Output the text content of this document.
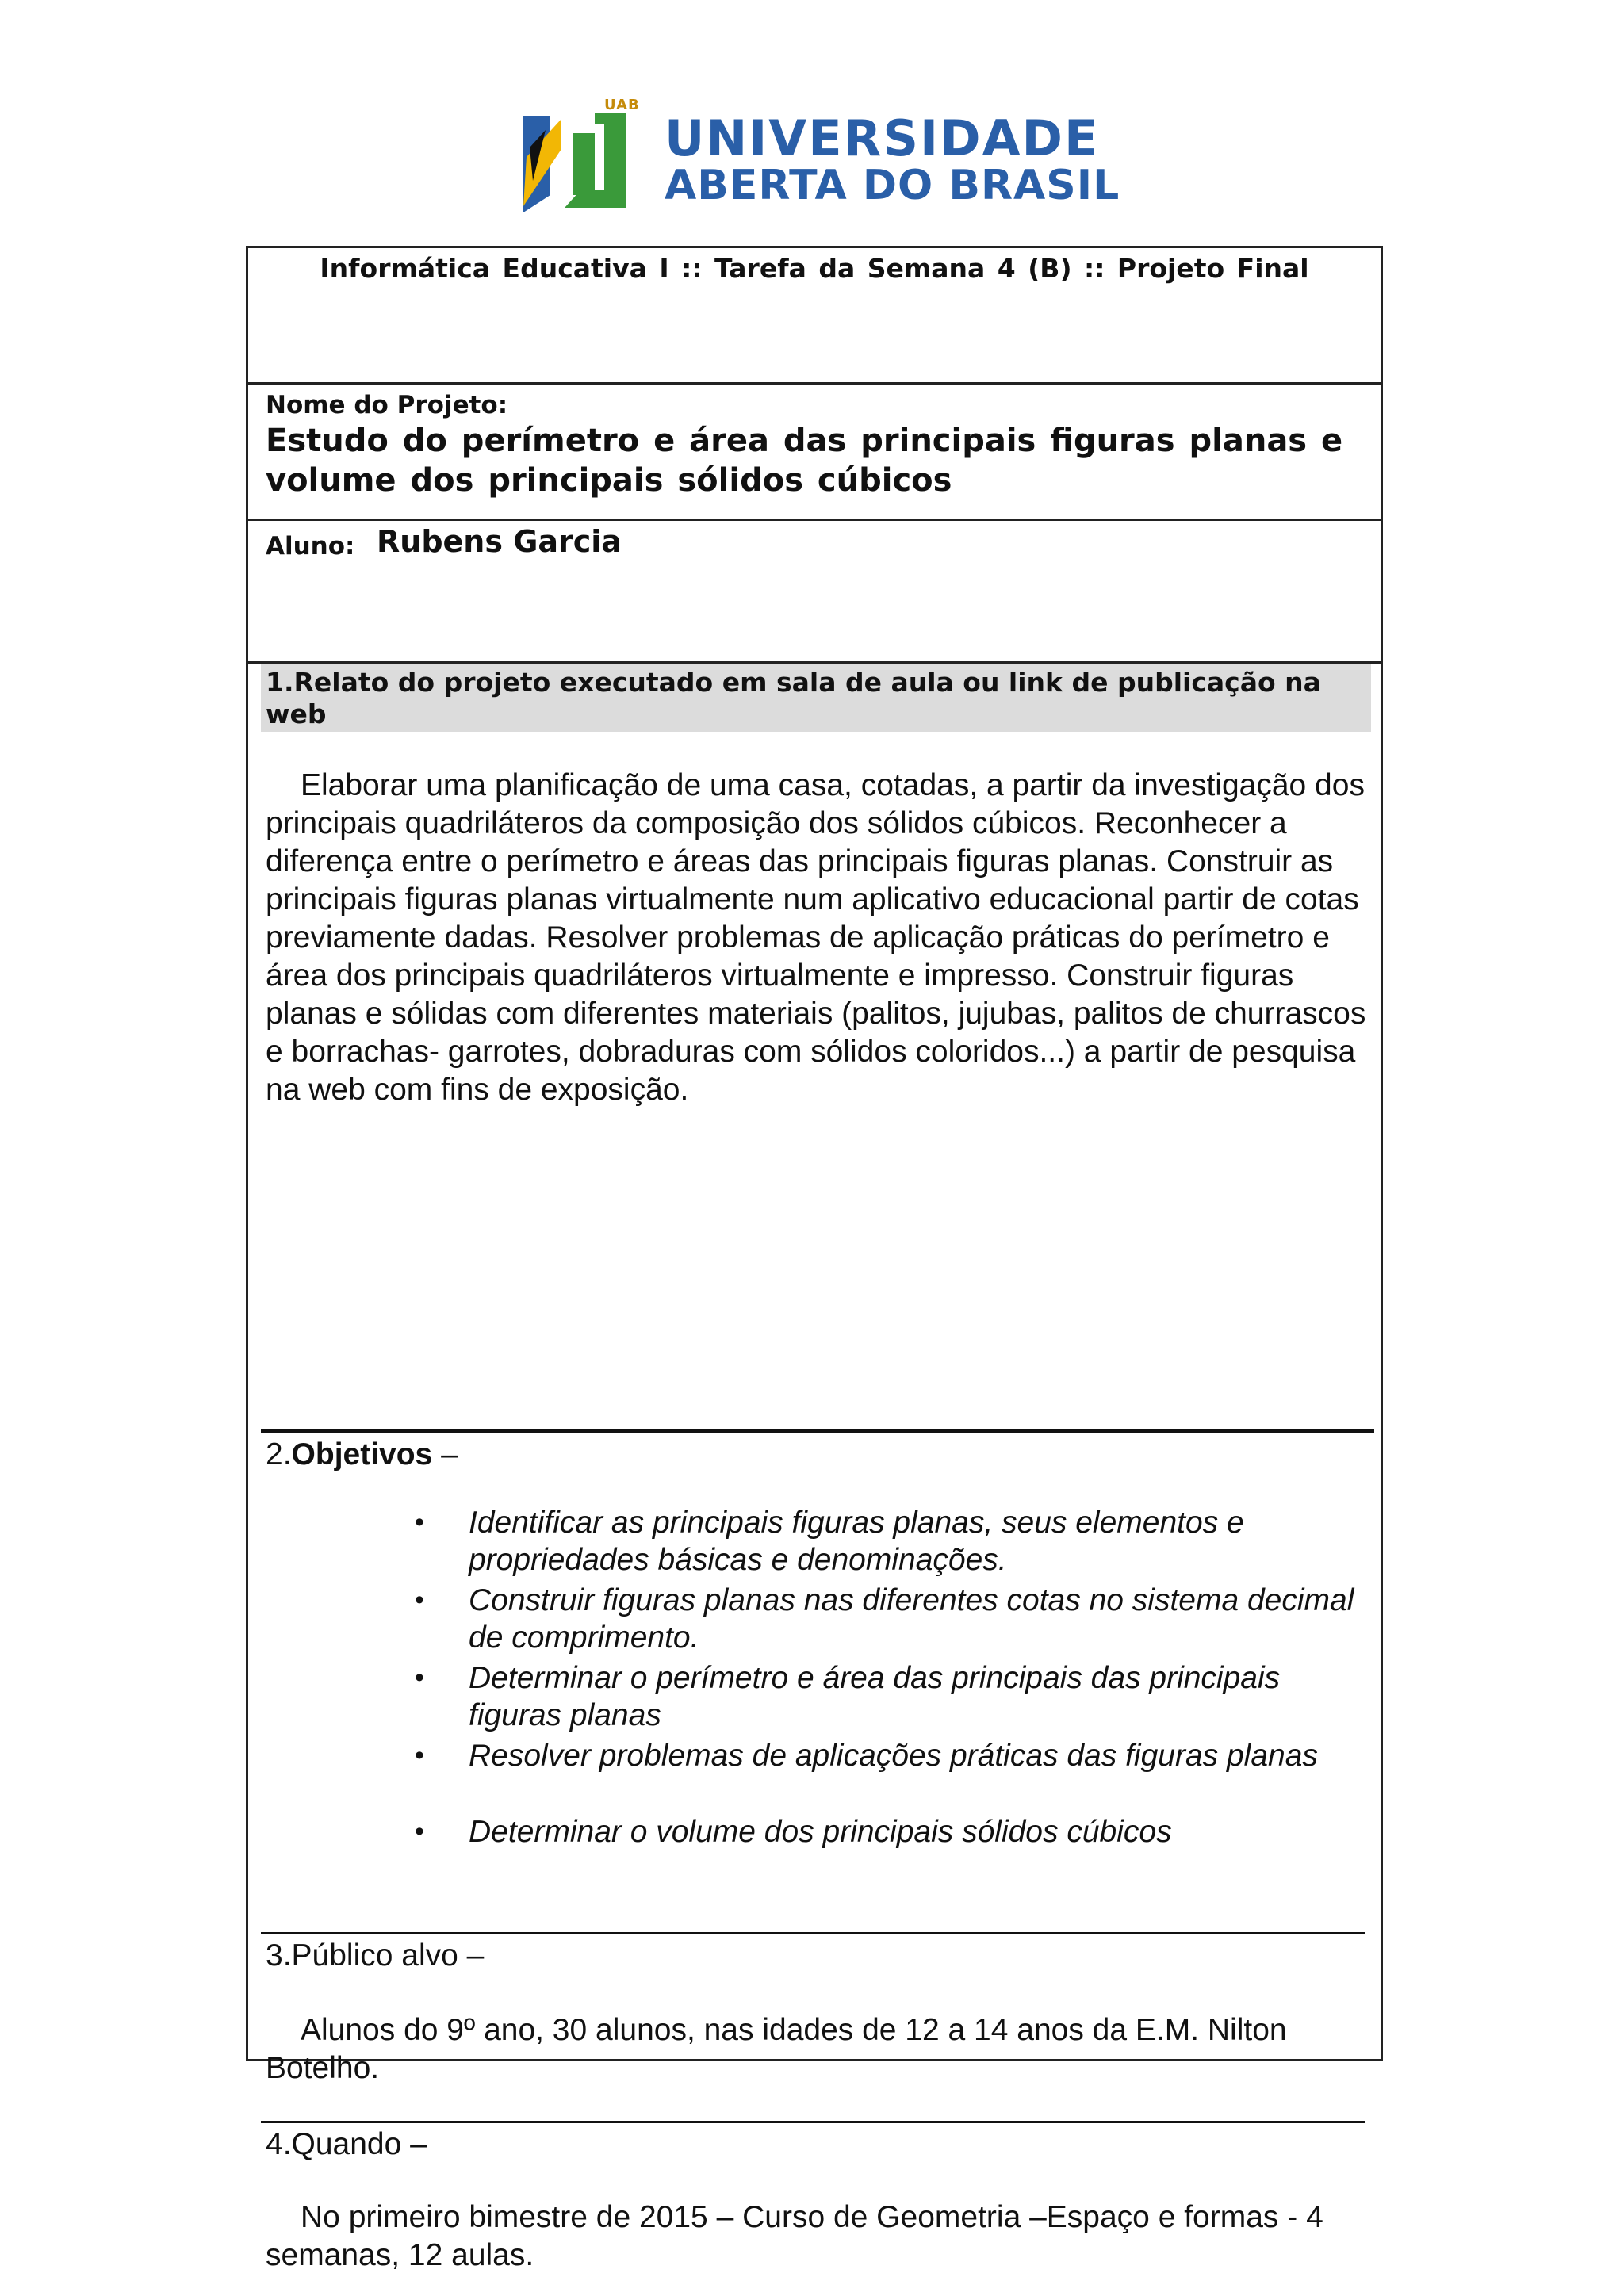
UAB
UNIVERSIDADE
ABERTA DO BRASIL
Informática Educativa I :: Tarefa da Semana 4 (B) :: Projeto Final
Nome do Projeto:
Estudo do perímetro e área das principais figuras planas e volume dos principais sólidos cúbicos
Aluno: Rubens Garcia
1.Relato do projeto executado em sala de aula ou link de publicação na web
Elaborar uma planificação de uma casa, cotadas, a partir da investigação dos principais quadriláteros da composição dos sólidos cúbicos. Reconhecer a diferença entre o perímetro e áreas das principais figuras planas. Construir as principais figuras planas virtualmente num aplicativo educacional partir de cotas previamente dadas. Resolver problemas de aplicação práticas do perímetro e área dos principais quadriláteros virtualmente e impresso. Construir figuras planas e sólidas com diferentes materiais (palitos, jujubas, palitos de churrascos e borrachas- garrotes, dobraduras com sólidos coloridos...) a partir de pesquisa na web com fins de exposição.
2.Objetivos –
• Identificar as principais figuras planas, seus elementos e propriedades básicas e denominações.
• Construir figuras planas nas diferentes cotas no sistema decimal de comprimento.
• Determinar o perímetro e área das principais das principais figuras planas
• Resolver problemas de aplicações práticas das figuras planas
• Determinar o volume dos principais sólidos cúbicos
3.Público alvo –
Alunos do 9º ano, 30 alunos, nas idades de 12 a 14 anos da E.M. Nilton Botelho.
4.Quando –
No primeiro bimestre de 2015 – Curso de Geometria –Espaço e formas - 4 semanas, 12 aulas.
